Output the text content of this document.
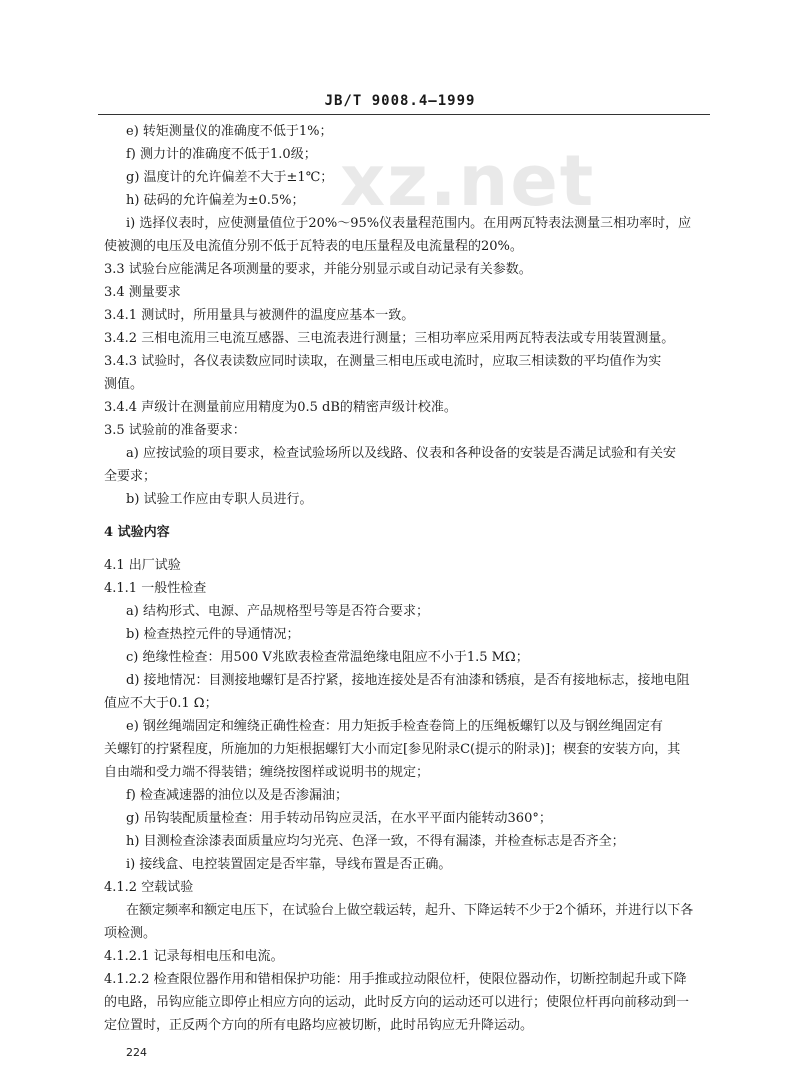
xz.net
JB/T 9008.4—1999
e) 转矩测量仪的准确度不低于1%；
f) 测力计的准确度不低于1.0级；
g) 温度计的允许偏差不大于±1℃；
h) 砝码的允许偏差为±0.5%；
i) 选择仪表时，应使测量值位于20%～95%仪表量程范围内。在用两瓦特表法测量三相功率时，应
使被测的电压及电流值分别不低于瓦特表的电压量程及电流量程的20%。
3.3 试验台应能满足各项测量的要求，并能分别显示或自动记录有关参数。
3.4 测量要求
3.4.1 测试时，所用量具与被测件的温度应基本一致。
3.4.2 三相电流用三电流互感器、三电流表进行测量；三相功率应采用两瓦特表法或专用装置测量。
3.4.3 试验时，各仪表读数应同时读取，在测量三相电压或电流时，应取三相读数的平均值作为实
测值。
3.4.4 声级计在测量前应用精度为0.5 dB的精密声级计校准。
3.5 试验前的准备要求：
a) 应按试验的项目要求，检查试验场所以及线路、仪表和各种设备的安装是否满足试验和有关安
全要求；
b) 试验工作应由专职人员进行。
4 试验内容
4.1 出厂试验
4.1.1 一般性检查
a) 结构形式、电源、产品规格型号等是否符合要求；
b) 检查热控元件的导通情况；
c) 绝缘性检查：用500 V兆欧表检查常温绝缘电阻应不小于1.5 MΩ；
d) 接地情况：目测接地螺钉是否拧紧，接地连接处是否有油漆和锈痕，是否有接地标志，接地电阻
值应不大于0.1 Ω；
e) 钢丝绳端固定和缠绕正确性检查：用力矩扳手检查卷筒上的压绳板螺钉以及与钢丝绳固定有
关螺钉的拧紧程度，所施加的力矩根据螺钉大小而定[参见附录C(提示的附录)]；楔套的安装方向，其
自由端和受力端不得装错；缠绕按图样或说明书的规定；
f) 检查减速器的油位以及是否渗漏油；
g) 吊钩装配质量检查：用手转动吊钩应灵活，在水平平面内能转动360°；
h) 目测检查涂漆表面质量应均匀光亮、色泽一致，不得有漏漆，并检查标志是否齐全；
i) 接线盒、电控装置固定是否牢靠，导线布置是否正确。
4.1.2 空载试验
在额定频率和额定电压下，在试验台上做空载运转，起升、下降运转不少于2个循环，并进行以下各
项检测。
4.1.2.1 记录每相电压和电流。
4.1.2.2 检查限位器作用和错相保护功能：用手推或拉动限位杆，使限位器动作，切断控制起升或下降
的电路，吊钩应能立即停止相应方向的运动，此时反方向的运动还可以进行；使限位杆再向前移动到一
定位置时，正反两个方向的所有电路均应被切断，此时吊钩应无升降运动。
224
